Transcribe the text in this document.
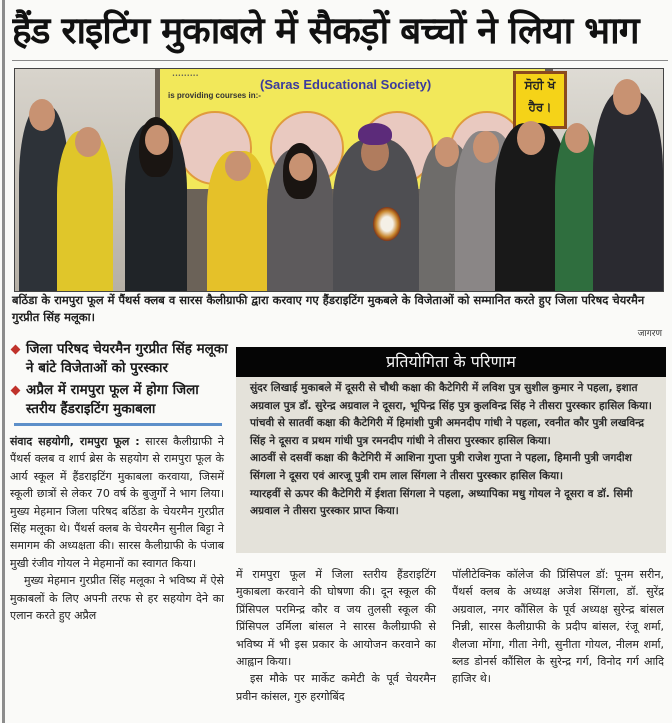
हैंड राइटिंग मुकाबले में सैकड़ों बच्चों ने लिया भाग
•••••••••
(Saras Educational Society)
is providing courses in:-
ਸੋਹੀ ਖੋ
ਹੈਰ।
बठिंडा के रामपुरा फूल में पैंथर्स क्लब व सारस कैलीग्राफी द्वारा करवाए गए हैंडराइटिंग मुकबले के विजेताओं को सम्मानित करते हुए जिला परिषद चेयरमैन गुरप्रीत सिंह मलूका।
जागरण
जिला परिषद चेयरमैन गुरप्रीत सिंह मलूका ने बांटे विजेताओं को पुरस्कार
अप्रैल में रामपुरा फूल में होगा जिला स्तरीय हैंडराइटिंग मुकाबला
प्रतियोगिता के परिणाम

सुंदर लिखाई मुकाबले में दूसरी से चौथी कक्षा की कैटेगिरी में लविश पुत्र सुशील कुमार ने पहला, इशात अग्रवाल पुत्र डॉ. सुरेन्द्र अग्रवाल ने दूसरा, भूपिन्द्र सिंह पुत्र कुलविन्द्र सिंह ने तीसरा पुरस्कार हासिल किया। पांचवी से सातवीं कक्षा की कैटेगिरी में हिमांशी पुत्री अमनदीप गांधी ने पहला, रवनीत कौर पुत्री लखविन्द्र सिंह ने दूसरा व प्रथम गांधी पुत्र रमनदीप गांधी ने तीसरा पुरस्कार हासिल किया।

आठवीं से दसवीं कक्षा की कैटेगिरी में आशिना गुप्ता पुत्री राजेश गुप्ता ने पहला, हिमानी पुत्री जगदीश सिंगला ने दूसरा एवं आरजू पुत्री राम लाल सिंगला ने तीसरा पुरस्कार हासिल किया।

ग्यारहवीं से ऊपर की कैटेगिरी में ईशता सिंगला ने पहला, अध्यापिका मधु गोयल ने दूसरा व डॉ. सिमी अग्रवाल ने तीसरा पुरस्कार प्राप्त किया।

संवाद सहयोगी, रामपुरा फूल : सारस कैलीग्राफी ने पैंथर्स क्लब व शार्प ब्रेस के सहयोग से रामपुरा फूल के आर्य स्कूल में हैंडराइटिंग मुकाबला करवाया, जिसमें स्कूली छात्रों से लेकर 70 वर्ष के बुजुर्गों ने भाग लिया। मुख्य मेहमान जिला परिषद बठिंडा के चेयरमैन गुरप्रीत सिंह मलूका थे। पैंथर्स क्लब के चेयरमैन सुनील बिट्टा ने समागम की अध्यक्षता की। सारस कैलीग्राफी के पंजाब मुखी रंजीव गोयल ने मेहमानों का स्वागत किया।

मुख्य मेहमान गुरप्रीत सिंह मलूका ने भविष्य में ऐसे मुकाबलों के लिए अपनी तरफ से हर सहयोग देने का एलान करते हुए अप्रैल

में रामपुरा फूल में जिला स्तरीय हैंडराइटिंग मुकाबला करवाने की घोषणा की। दून स्कूल की प्रिंसिपल परमिन्द्र कौर व जय तुलसी स्कूल की प्रिंसिपल उर्मिला बांसल ने सारस कैलीग्राफी से भविष्य में भी इस प्रकार के आयोजन करवाने का आह्वान किया।

इस मौके पर मार्केट कमेटी के पूर्व चेयरमैन प्रवीन कांसल, गुरु हरगोबिंद

पॉलीटेक्निक कॉलेज की प्रिंसिपल डॉ: पूनम सरीन, पैंथर्स क्लब के अध्यक्ष अजेश सिंगला, डॉ. सुरेंद्र अग्रवाल, नगर कौंसिल के पूर्व अध्यक्ष सुरेन्द्र बांसल निन्नी, सारस कैलीग्राफी के प्रदीप बांसल, रंजू शर्मा, शैलजा मोंगा, गीता नेगी, सुनीता गोयल, नीलम शर्मा, ब्लड डोनर्स कौंसिल के सुरेन्द्र गर्ग, विनोद गर्ग आदि हाजिर थे।
